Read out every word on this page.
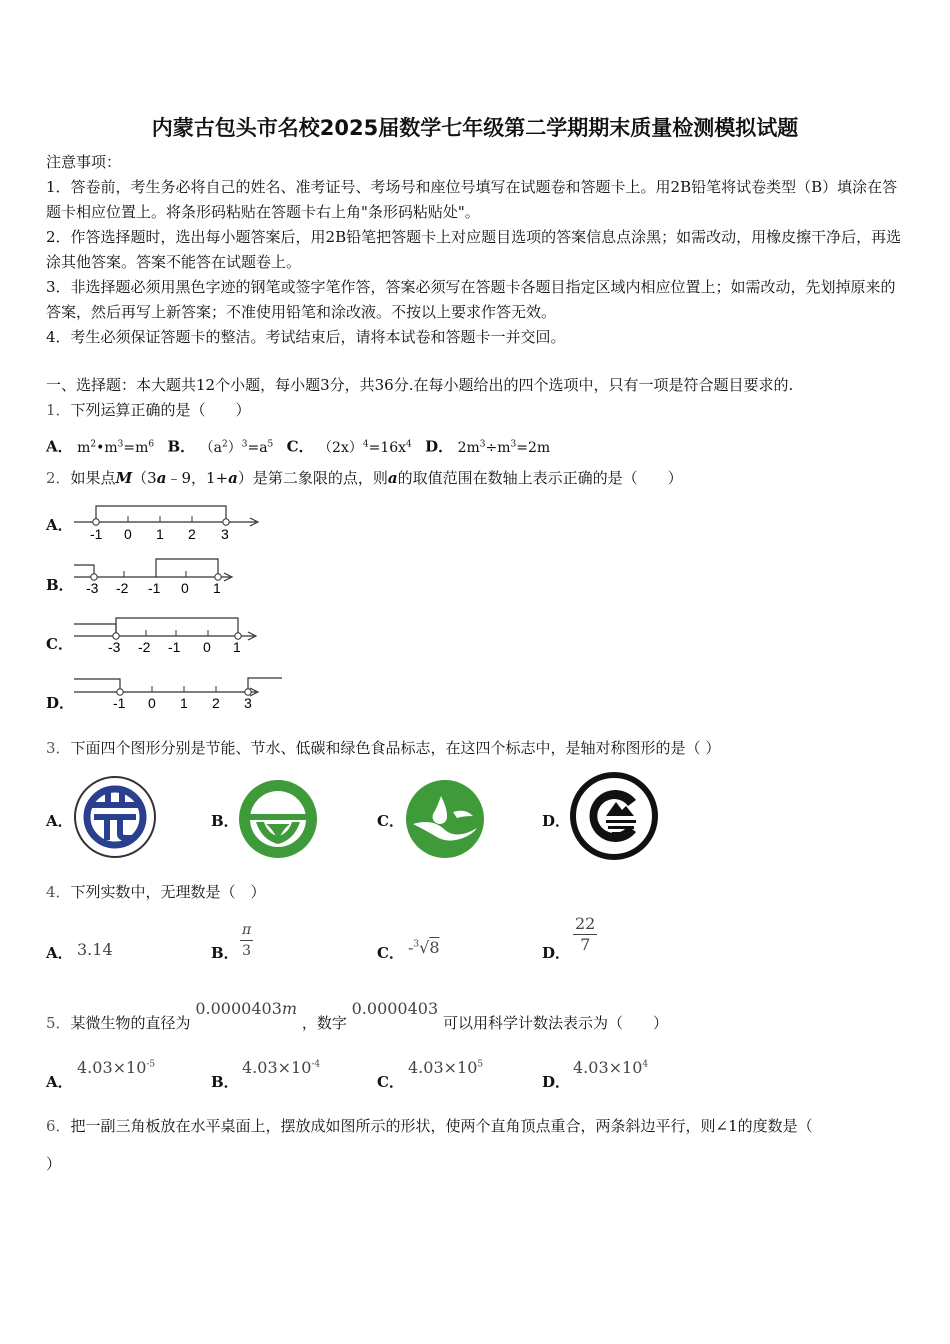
内蒙古包头市名校2025届数学七年级第二学期期末质量检测模拟试题
注意事项：
1．答卷前，考生务必将自己的姓名、准考证号、考场号和座位号填写在试题卷和答题卡上。用2B铅笔将试卷类型（B）填涂在答题卡相应位置上。将条形码粘贴在答题卡右上角"条形码粘贴处"。
2．作答选择题时，选出每小题答案后，用2B铅笔把答题卡上对应题目选项的答案信息点涂黑；如需改动，用橡皮擦干净后，再选涂其他答案。答案不能答在试题卷上。
3．非选择题必须用黑色字迹的钢笔或签字笔作答，答案必须写在答题卡各题目指定区域内相应位置上；如需改动，先划掉原来的答案，然后再写上新答案；不准使用铅笔和涂改液。不按以上要求作答无效。
4．考生必须保证答题卡的整洁。考试结束后，请将本试卷和答题卡一并交回。
一、选择题：本大题共12个小题，每小题3分，共36分.在每小题给出的四个选项中，只有一项是符合题目要求的.
1．下列运算正确的是（　　）
A． $m^2•m^3=m^6$ B． $(a^2)^3=a^5$ C． $(2x)^4=16x^4$ D． $2m^3\div m^3=2m$
2．如果点M（3a﹣9，1+a）是第二象限的点，则a的取值范围在数轴上表示正确的是（　　）
A． -1 0 1 2 3
B． -3 -2 -1 0 1
C．	-3 -2 -1 0 1
D．	-1 0 1 2 3
3．下面四个图形分别是节能、节水、低碳和绿色食品标志，在这四个标志中，是轴对称图形的是（ ）
A．	B．	C．	D．
4．下列实数中，无理数是（　）
A． 3.14	B． $\frac{\pi}{3}$	C． -$^3$√8	D． $\frac{22}{7}$
5．某微生物的直径为 0.0000403m ，数字 0.0000403 可以用科学计数法表示为（　　）
A．
$4.03\times 10^{-5}$
B．
$4.03\times 10^{-4}$
C．
$4.03\times 10^5$
D．
$4.03\times 10^4$
6．把一副三角板放在水平桌面上，摆放成如图所示的形状，使两个直角顶点重合，两条斜边平行，则∠1的度数是（
）
